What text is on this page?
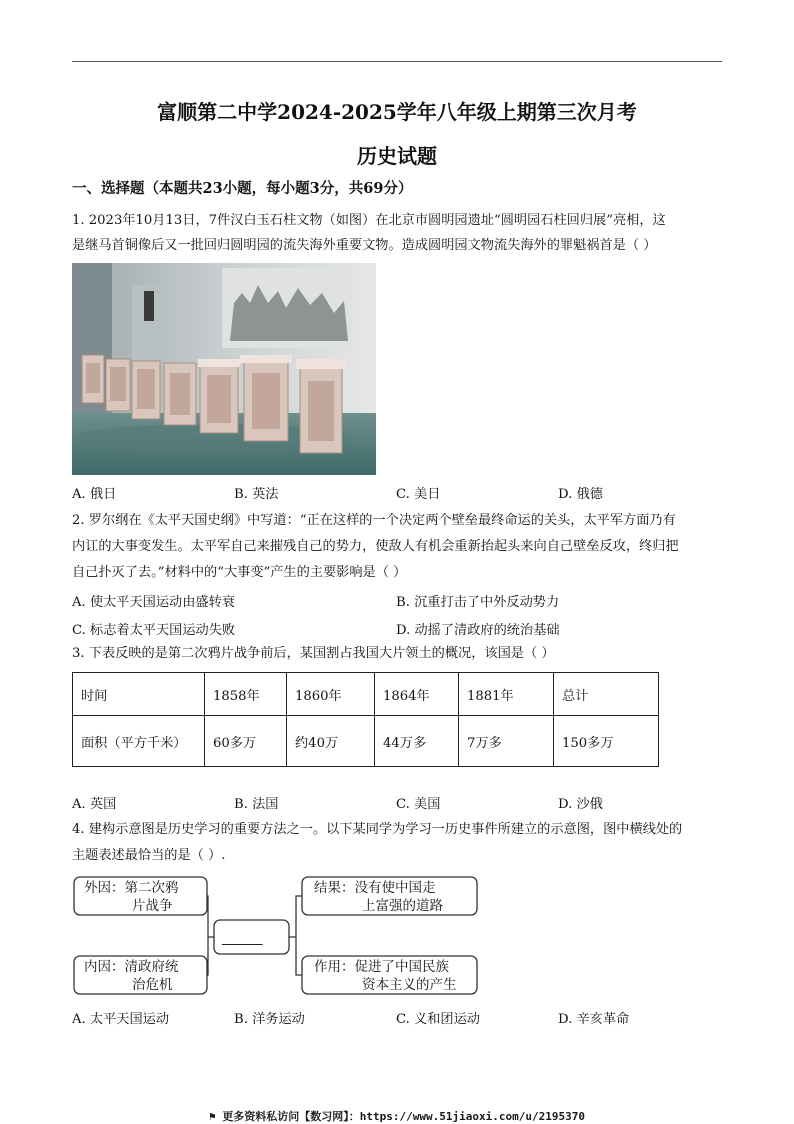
富顺第二中学2024-2025学年八年级上期第三次月考
历史试题
一、选择题（本题共23小题，每小题3分，共69分）
1. 2023年10月13日，7件汉白玉石柱文物（如图）在北京市圆明园遗址“圆明园石柱回归展”亮相，这
是继马首铜像后又一批回归圆明园的流失海外重要文物。造成圆明园文物流失海外的罪魁祸首是（ ）
A. 俄日	B. 英法	C. 美日	D. 俄德
2. 罗尔纲在《太平天国史纲》中写道：“正在这样的一个决定两个壁垒最终命运的关头，太平军方面乃有
内讧的大事变发生。太平军自己来摧残自己的势力，使敌人有机会重新抬起头来向自己壁垒反攻，终归把
自己扑灭了去。”材料中的“大事变”产生的主要影响是（ ）
A. 使太平天国运动由盛转衰	B. 沉重打击了中外反动势力
C. 标志着太平天国运动失败	D. 动摇了清政府的统治基础
3. 下表反映的是第二次鸦片战争前后，某国割占我国大片领土的概况，该国是（ ）
时间	1858年	1860年	1864年	1881年	总计
面积（平方千米）	60多万	约40万	44万多	7万多	150多万
A. 英国	B. 法国	C. 美国	D. 沙俄
4. 建构示意图是历史学习的重要方法之一。以下某同学为学习一历史事件所建立的示意图，图中横线处的
主题表述最恰当的是（ ）.
外因：第二次鸦
片战争
内因：清政府统
治危机
______
结果：没有使中国走
上富强的道路
作用：促进了中国民族
资本主义的产生
A. 太平天国运动	B. 洋务运动	C. 义和团运动	D. 辛亥革命
⚑ 更多资料私访问【数习网】：https://www.51jiaoxi.com/u/2195370
